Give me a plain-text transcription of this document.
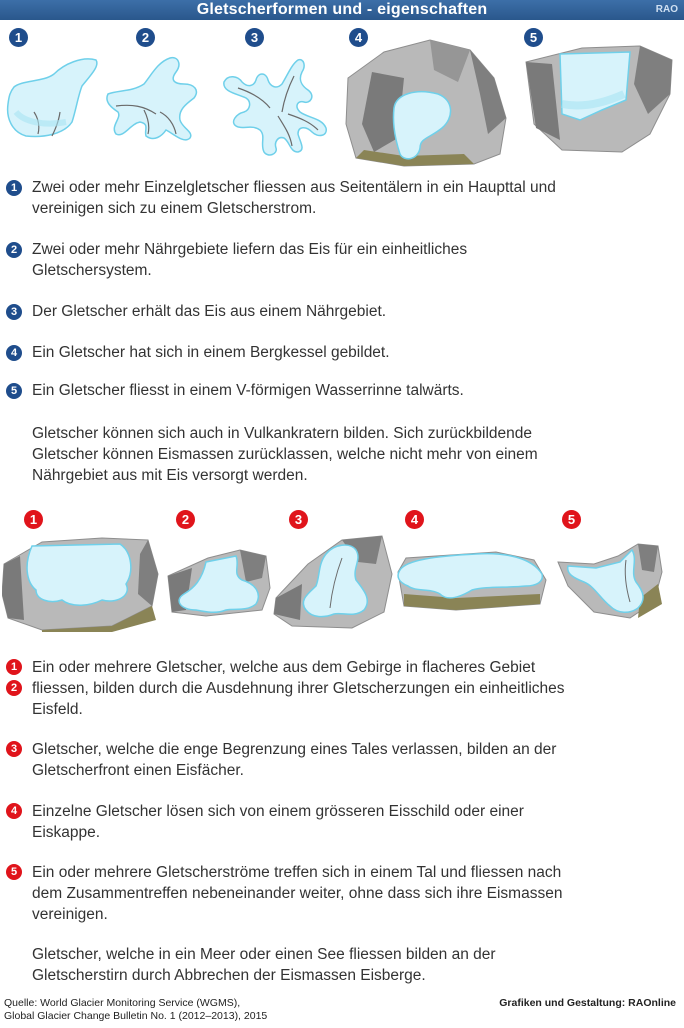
Gletscherformen und - eigenschaften	RAO
1	2	3	4	5
1 Zwei oder mehr Einzelgletscher fliessen aus Seitentälern in ein Haupttal und
vereinigen sich zu einem Gletscherstrom.
2 Zwei oder mehr Nährgebiete liefern das Eis für ein einheitliches
Gletschersystem.
3 Der Gletscher erhält das Eis aus einem Nährgebiet.
4 Ein Gletscher hat sich in einem Bergkessel gebildet.
5 Ein Gletscher fliesst in einem V-förmigen Wasserrinne talwärts.
Gletscher können sich auch in Vulkankratern bilden. Sich zurückbildende
Gletscher können Eismassen zurücklassen, welche nicht mehr von einem
Nährgebiet aus mit Eis versorgt werden.
1	2	3	4	5
1
2
Ein oder mehrere Gletscher, welche aus dem Gebirge in flacheres Gebiet
fliessen, bilden durch die Ausdehnung ihrer Gletscherzungen ein einheitliches
Eisfeld.
3 Gletscher, welche die enge Begrenzung eines Tales verlassen, bilden an der
Gletscherfront einen Eisfächer.
4 Einzelne Gletscher lösen sich von einem grösseren Eisschild oder einer
Eiskappe.
5 Ein oder mehrere Gletscherströme treffen sich in einem Tal und fliessen nach
dem Zusammentreffen nebeneinander weiter, ohne dass sich ihre Eismassen
vereinigen.
Gletscher, welche in ein Meer oder einen See fliessen bilden an der
Gletscherstirn durch Abbrechen der Eismassen Eisberge.
Quelle: World Glacier Monitoring Service (WGMS),
Global Glacier Change Bulletin No. 1 (2012–2013), 2015
Grafiken und Gestaltung: RAOnline
